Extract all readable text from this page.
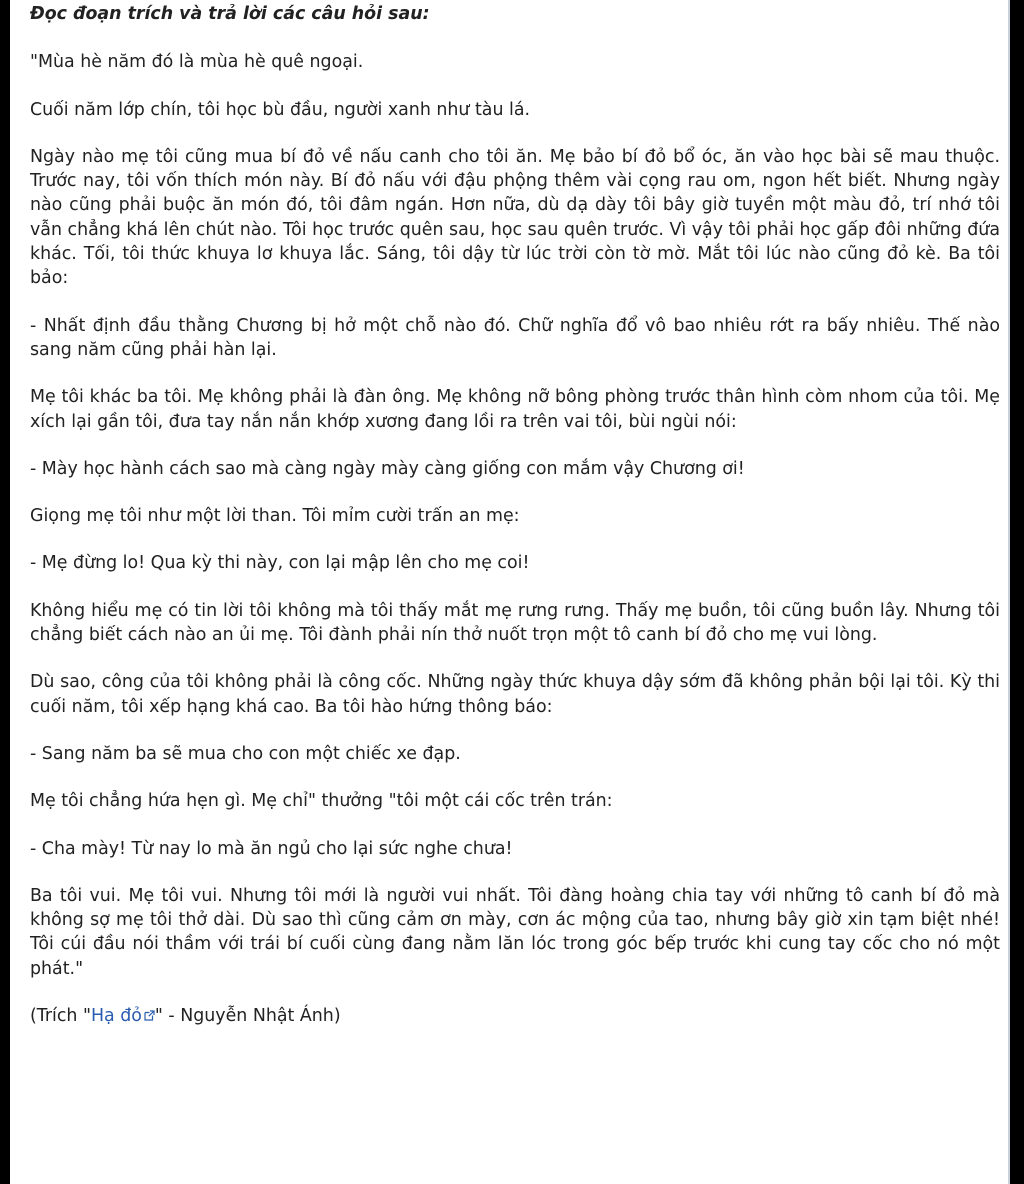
Đọc đoạn trích và trả lời các câu hỏi sau:

"Mùa hè năm đó là mùa hè quê ngoại.

Cuối năm lớp chín, tôi học bù đầu, người xanh như tàu lá.

Ngày nào mẹ tôi cũng mua bí đỏ về nấu canh cho tôi ăn. Mẹ bảo bí đỏ bổ óc, ăn vào học bài sẽ mau thuộc. Trước nay, tôi vốn thích món này. Bí đỏ nấu với đậu phộng thêm vài cọng rau om, ngon hết biết. Nhưng ngày nào cũng phải buộc ăn món đó, tôi đâm ngán. Hơn nữa, dù dạ dày tôi bây giờ tuyền một màu đỏ, trí nhớ tôi vẫn chẳng khá lên chút nào. Tôi học trước quên sau, học sau quên trước. Vì vậy tôi phải học gấp đôi những đứa khác. Tối, tôi thức khuya lơ khuya lắc. Sáng, tôi dậy từ lúc trời còn tờ mờ. Mắt tôi lúc nào cũng đỏ kè. Ba tôi bảo:

- Nhất định đầu thằng Chương bị hở một chỗ nào đó. Chữ nghĩa đổ vô bao nhiêu rớt ra bấy nhiêu. Thế nào sang năm cũng phải hàn lại.

Mẹ tôi khác ba tôi. Mẹ không phải là đàn ông. Mẹ không nỡ bông phòng trước thân hình còm nhom của tôi. Mẹ xích lại gần tôi, đưa tay nắn nắn khớp xương đang lồi ra trên vai tôi, bùi ngùi nói:

- Mày học hành cách sao mà càng ngày mày càng giống con mắm vậy Chương ơi!

Giọng mẹ tôi như một lời than. Tôi mỉm cười trấn an mẹ:

- Mẹ đừng lo! Qua kỳ thi này, con lại mập lên cho mẹ coi!

Không hiểu mẹ có tin lời tôi không mà tôi thấy mắt mẹ rưng rưng. Thấy mẹ buồn, tôi cũng buồn lây. Nhưng tôi chẳng biết cách nào an ủi mẹ. Tôi đành phải nín thở nuốt trọn một tô canh bí đỏ cho mẹ vui lòng.

Dù sao, công của tôi không phải là công cốc. Những ngày thức khuya dậy sớm đã không phản bội lại tôi. Kỳ thi cuối năm, tôi xếp hạng khá cao. Ba tôi hào hứng thông báo:

- Sang năm ba sẽ mua cho con một chiếc xe đạp.

Mẹ tôi chẳng hứa hẹn gì. Mẹ chỉ" thưởng "tôi một cái cốc trên trán:

- Cha mày! Từ nay lo mà ăn ngủ cho lại sức nghe chưa!

Ba tôi vui. Mẹ tôi vui. Nhưng tôi mới là người vui nhất. Tôi đàng hoàng chia tay với những tô canh bí đỏ mà không sợ mẹ tôi thở dài. Dù sao thì cũng cảm ơn mày, cơn ác mộng của tao, nhưng bây giờ xin tạm biệt nhé! Tôi cúi đầu nói thầm với trái bí cuối cùng đang nằm lăn lóc trong góc bếp trước khi cung tay cốc cho nó một phát."

(Trích "Hạ đỏ " - Nguyễn Nhật Ánh)
